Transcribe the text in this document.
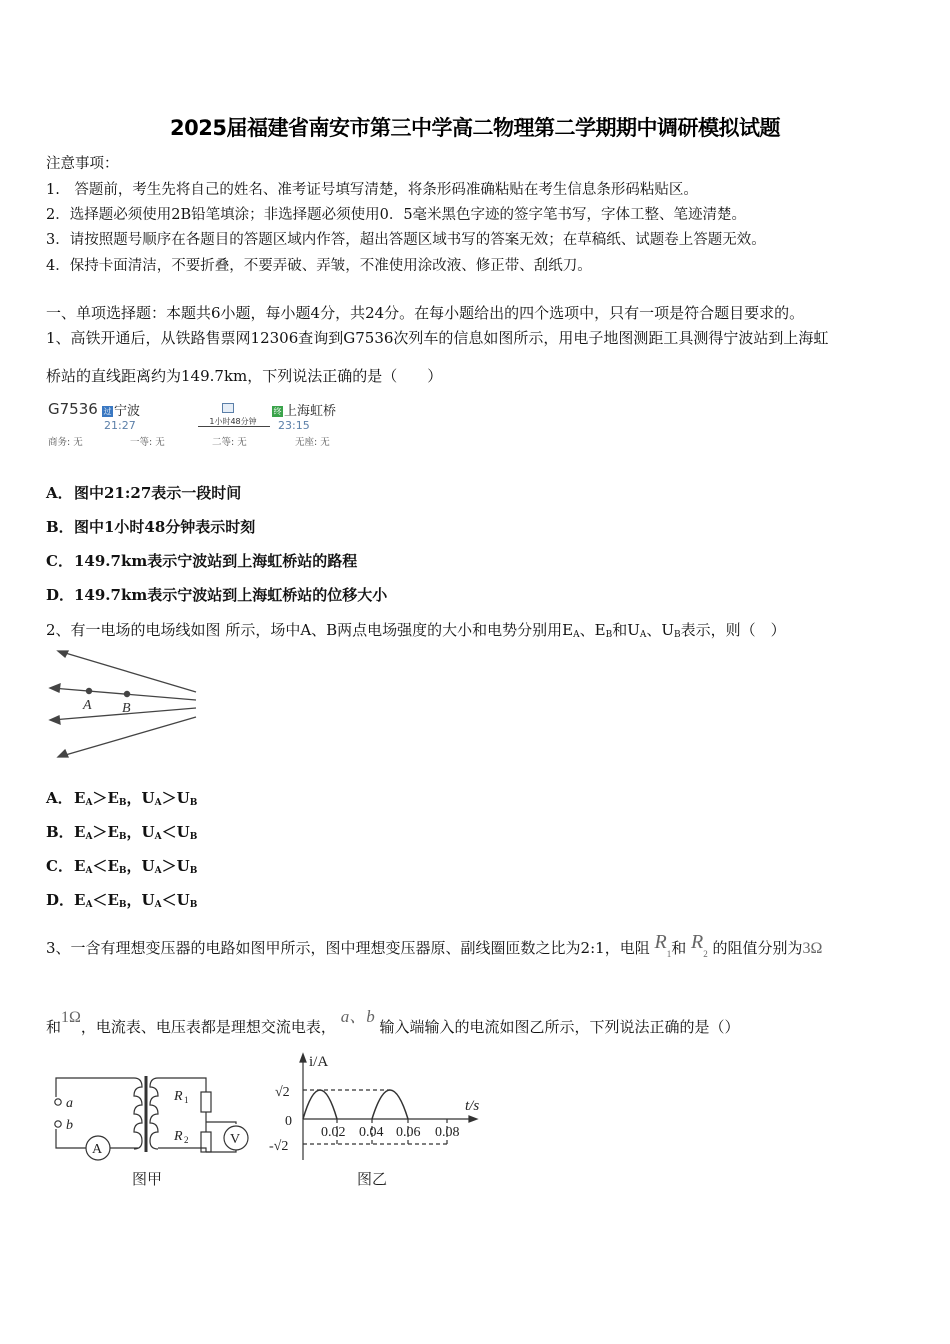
2025届福建省南安市第三中学高二物理第二学期期中调研模拟试题
注意事项：
1.　答题前，考生先将自己的姓名、准考证号填写清楚，将条形码准确粘贴在考生信息条形码粘贴区。
2．选择题必须使用2B铅笔填涂；非选择题必须使用0．5毫米黑色字迹的签字笔书写，字体工整、笔迹清楚。
3．请按照题号顺序在各题目的答题区域内作答，超出答题区域书写的答案无效；在草稿纸、试题卷上答题无效。
4．保持卡面清洁，不要折叠，不要弄破、弄皱，不准使用涂改液、修正带、刮纸刀。
一、单项选择题：本题共6小题，每小题4分，共24分。在每小题给出的四个选项中，只有一项是符合题目要求的。
1、高铁开通后，从铁路售票网12306查询到G7536次列车的信息如图所示，用电子地图测距工具测得宁波站到上海虹
桥站的直线距离约为149.7km，下列说法正确的是（　　）
G7536 过 宁波
21:27	1小时48分钟
终 上海虹桥
23:15
商务: 无	一等: 无	二等: 无	无座: 无
A．图中21:27表示一段时间
B．图中1小时48分钟表示时刻
C．149.7km表示宁波站到上海虹桥站的路程
D．149.7km表示宁波站到上海虹桥站的位移大小
2、有一电场的电场线如图 所示，场中A、B两点电场强度的大小和电势分别用$E_A$、$E_B$和$U_A$、$U_B$表示，则（　）
A B
A．$E_A>E_B$，$U_A>U_B$
B．$E_A>E_B$，$U_A<U_B$
C．$E_A<E_B$，$U_A>U_B$
D．$E_A<E_B$，$U_A<U_B$
3、一含有理想变压器的电路如图甲所示，图中理想变压器原、副线圈匝数之比为2:1，电阻 $R_1$和 $R_2$ 的阻值分别为3Ω
和1Ω，电流表、电压表都是理想交流电表， a、b 输入端输入的电流如图乙所示，下列说法正确的是（）
a
b
A
V
R 1
R 2
图甲
i/A
t/s
√2
0
-√2
0.02 0.04 0.06 0.08
图乙
